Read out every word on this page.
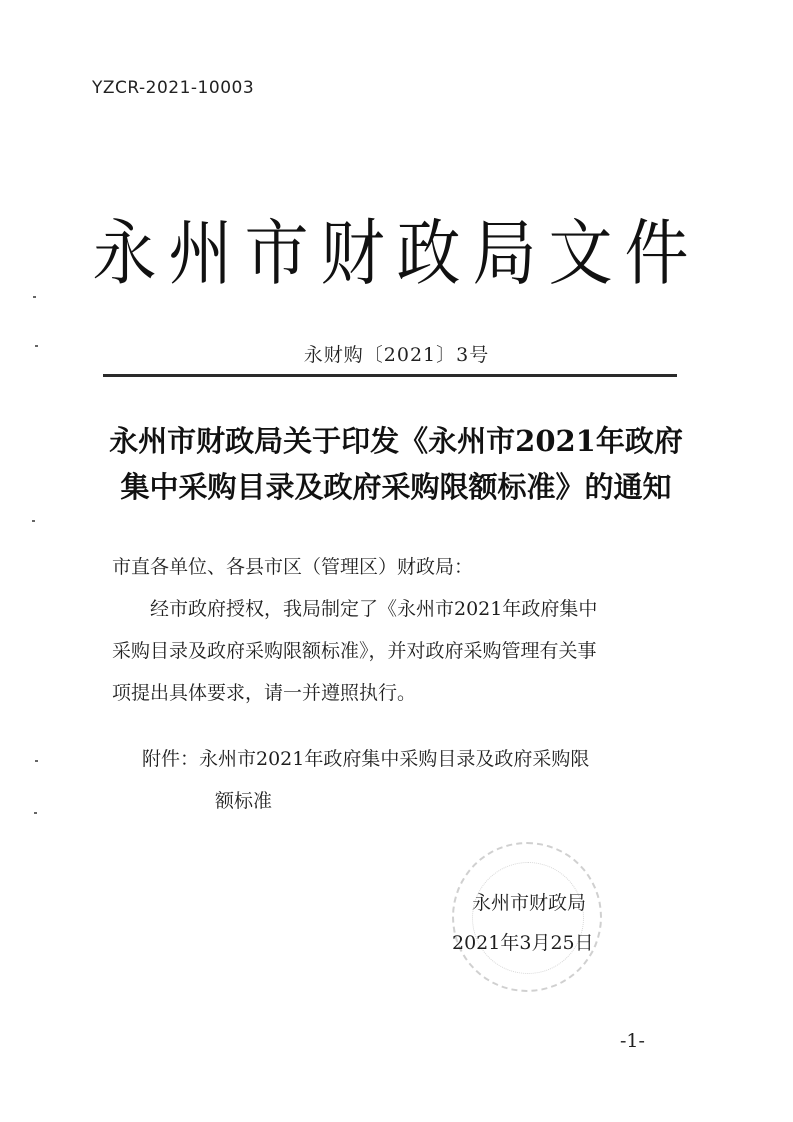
YZCR-2021-10003
永州市财政局文件
永财购〔2021〕3号
永州市财政局关于印发《永州市2021年政府
集中采购目录及政府采购限额标准》的通知
市直各单位、各县市区（管理区）财政局：
经市政府授权，我局制定了《永州市2021年政府集中
采购目录及政府采购限额标准》，并对政府采购管理有关事
项提出具体要求，请一并遵照执行。
附件：永州市2021年政府集中采购目录及政府采购限
额标准
永州市财政局
2021年3月25日
-1-
